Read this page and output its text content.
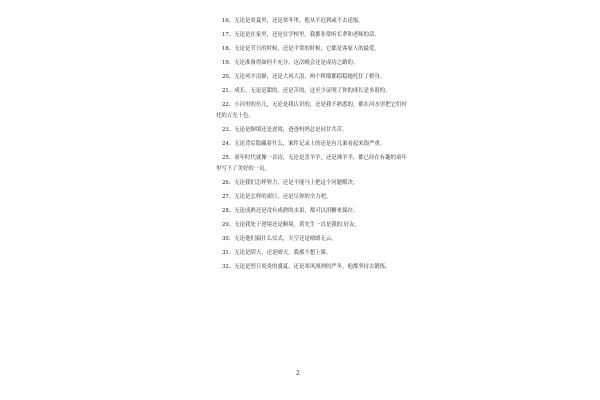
16、无论是炎夏里，还是寒冬里，他从不迟到或不去送报。
17、无论是在家里，还是在学校里，我都非常听长辈和老师的话。
18、无论是节日的时候，还是平常的时候，它都是客家人的最爱。
19、无论准备得如何不充分，这次晚会还是成功之路的。
20、无论风平浪静，还是大风大浪，两个桥墩都稳稳地托住了桥身。
21、成长，无论是甜的，还是苦的，这至少证明了你的成长是多谐的。
22、小河里的鱼儿，无论是我认识的，还是我不熟悉的，都在河水里把它们衬托的五光十色。
23、无论是顺境还是逆境，爸爸妈妈总是同甘共苦。
24、无论背后隐藏着什么，案件记录上的还是有几案看起来很严重。
25、童年时代就像一首诗，无论是喜羊羊，还是沸羊羊，都已经在有趣的童年里写下了美好的一页。
26、无论我们怎样努力，还是不能马上把这个问题解决。
27、无论是怎样的艰巨，还是尽你的全力吧。
28、无论成熟还是没有成熟的水果，都可以用糖来保存。
29、无论我处于逆境还是顺境，黄先生一直是我的.好友。
30、无论他们搞什么仪式，天空还是晴朗无云。
31、无论是阴天，还是晴天，我都不想上课。
32、无论是烈日炎炎的盛夏，还是寒风凛冽的严冬，他都坚持去锻炼。
2
